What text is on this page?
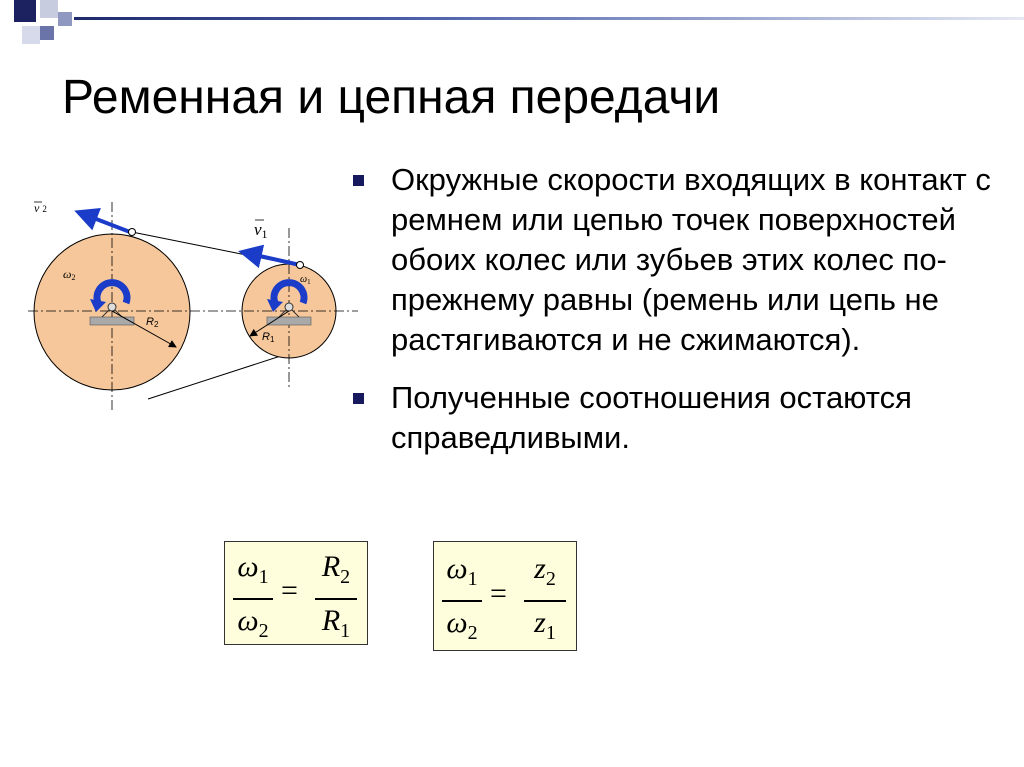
Ременная и цепная передачи
Окружные скорости входящих в контакт с ремнем или цепью точек поверхностей обоих колес или зубьев этих колес по-прежнему равны (ремень или цепь не растягиваются и не сжимаются).
Полученные соотношения остаются справедливыми.
v 2
v1
ω2	$\omega_1$
R2
R1
$\omega_1$
$\omega_2$
=
$R_2$
$R_1$
$\omega_1$
$\omega_2$
=
$z_2$
$z_1$
